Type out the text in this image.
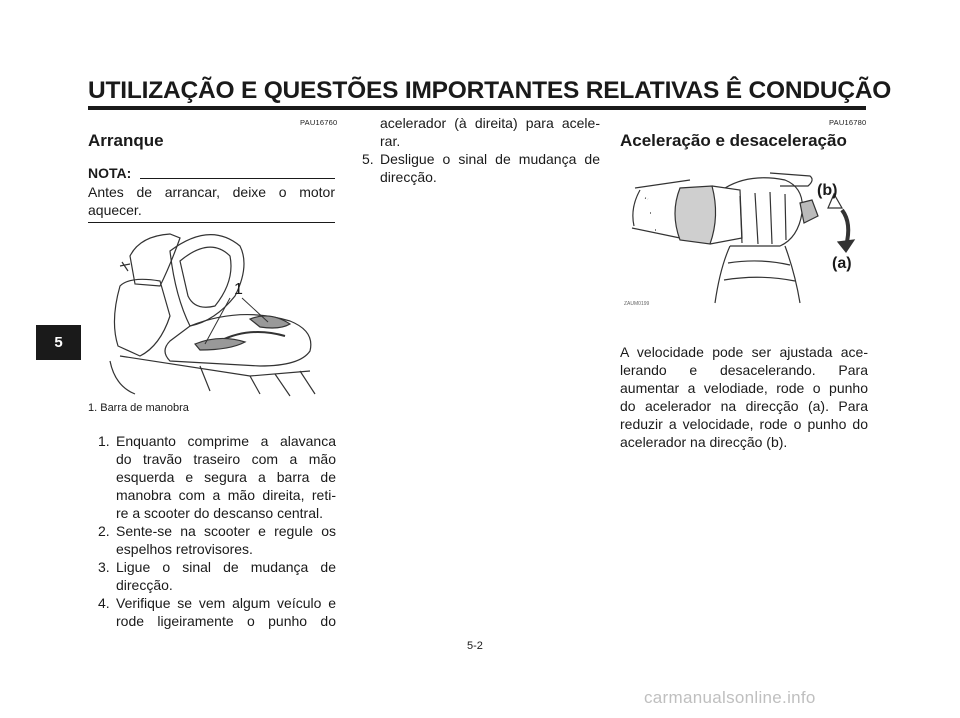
UTILIZAÇÃO E QUESTÕES IMPORTANTES RELATIVAS Ê CONDUÇÃO
5
PAU16760
Arranque
NOTA:
Antes de arrancar, deixe o motor
aquecer.
1
1. Barra de manobra
1. Enquanto comprime a alavanca
do travão traseiro com a mão
esquerda e segura a barra de
manobra com a mão direita, reti-
re a scooter do descanso central.
2. Sente-se na scooter e regule os
espelhos retrovisores.
3. Ligue o sinal de mudança de
direcção.
4. Verifique se vem algum veículo e
rode ligeiramente o punho do
acelerador (à direita) para acele-
rar.
5. Desligue o sinal de mudança de
direcção.
PAU16780
Aceleração e desaceleração
(b)
(a)
ZAUM0199
A velocidade pode ser ajustada ace-
lerando e desacelerando. Para
aumentar a velodiade, rode o punho
do acelerador na direcção (a). Para
reduzir a velocidade, rode o punho do
acelerador na direcção (b).
5-2
carmanualsonline.info
